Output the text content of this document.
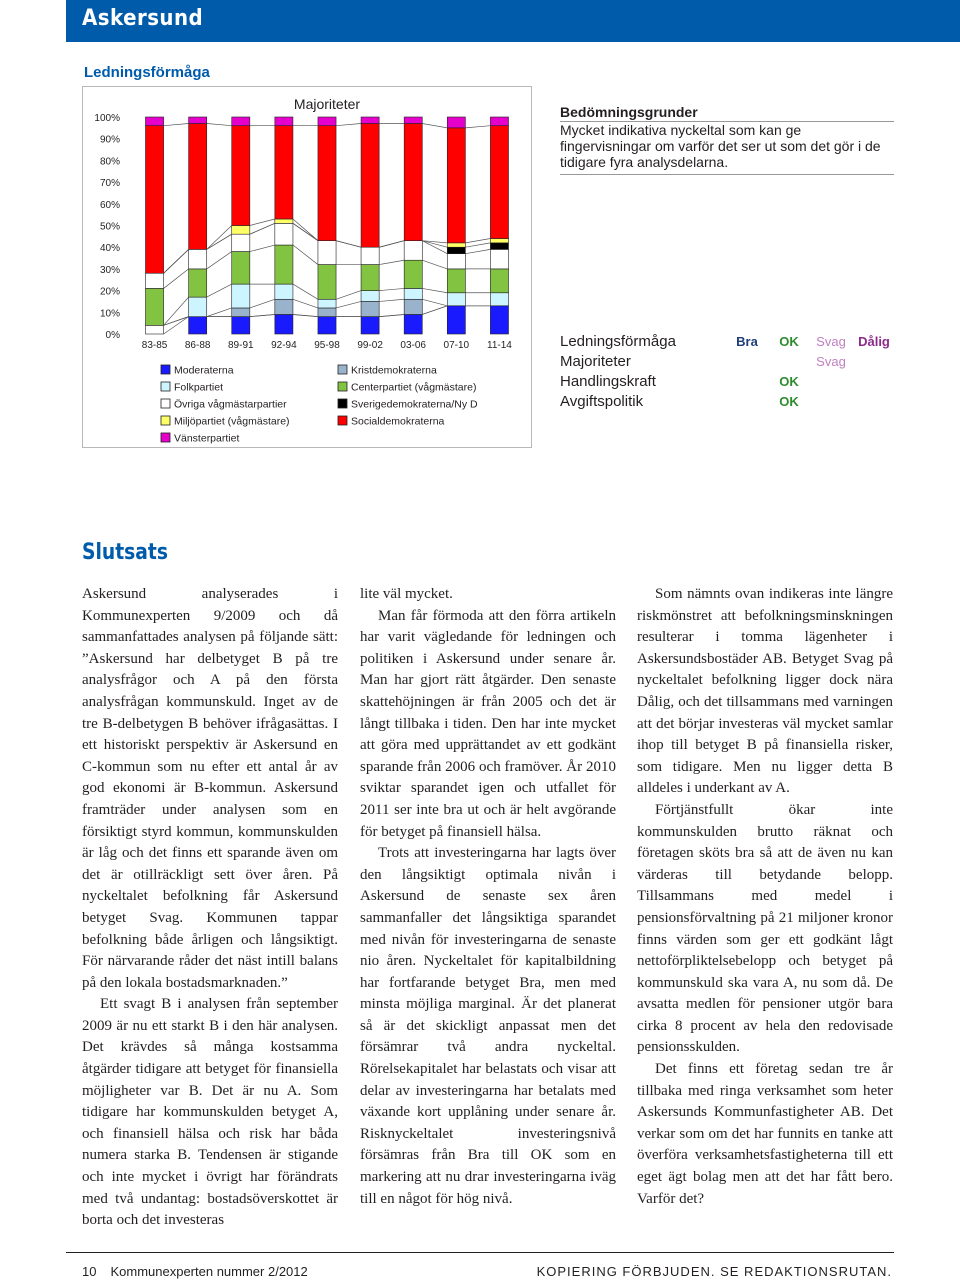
Askersund
Ledningsförmåga
Majoriteter
0%
10%
20%
30%
40%
50%
60%
70%
80%
90%
100%
83-85 86-88 89-91 92-94 95-98 99-02 03-06 07-10 11-14
Moderaterna
Folkpartiet
Övriga vågmästarpartier
Miljöpartiet (vågmästare)
Vänsterpartiet
Kristdemokraterna
Centerpartiet (vågmästare)
Sverigedemokraterna/Ny D
Socialdemokraterna
Bedömningsgrunder
Mycket indikativa nyckeltal som kan ge fingervisningar om varför det ser ut som det gör i de tidigare fyra analysdelarna.
Ledningsförmåga	Bra	OK	Svag	Dålig
Majoriteter			Svag	
Handlingskraft		OK		
Avgiftspolitik		OK		
Slutsats

Askersund analyserades i Kommunexperten 9/2009 och då sammanfattades analysen på följande sätt: ”Askersund har delbetyget B på tre analysfrågor och A på den första analysfrågan kommunskuld. Inget av de tre B-delbetygen B behöver ifrågasättas. I ett historiskt perspektiv är Askersund en C-kommun som nu efter ett antal år av god ekonomi är B-kommun. Askersund framträder under analysen som en försiktigt styrd kommun, kommunskulden är låg och det finns ett sparande även om det är otillräckligt sett över åren. På nyckeltalet befolkning får Askersund betyget Svag. Kommunen tappar befolkning både årligen och långsiktigt. För närvarande råder det näst intill balans på den lokala bostadsmarknaden.”

Ett svagt B i analysen från september 2009 är nu ett starkt B i den här analysen. Det krävdes så många kostsamma åtgärder tidigare att betyget för finansiella möjligheter var B. Det är nu A. Som tidigare har kommunskulden betyget A, och finansiell hälsa och risk har båda numera starka B. Tendensen är stigande och inte mycket i övrigt har förändrats med två undantag: bostadsöverskottet är borta och det investeras

lite väl mycket.

Man får förmoda att den förra artikeln har varit vägledande för ledningen och politiken i Askersund under senare år. Man har gjort rätt åtgärder. Den senaste skattehöjningen är från 2005 och det är långt tillbaka i tiden. Den har inte mycket att göra med upprättandet av ett godkänt sparande från 2006 och framöver. År 2010 sviktar sparandet igen och utfallet för 2011 ser inte bra ut och är helt avgörande för betyget på finansiell hälsa.

Trots att investeringarna har lagts över den långsiktigt optimala nivån i Askersund de senaste sex åren sammanfaller det långsiktiga sparandet med nivån för investeringarna de senaste nio åren. Nyckeltalet för kapitalbildning har fortfarande betyget Bra, men med minsta möjliga marginal. Är det planerat så är det skickligt anpassat men det försämrar två andra nyckeltal. Rörelsekapitalet har belastats och visar att delar av investeringarna har betalats med växande kort upplåning under senare år. Risknyckeltalet investeringsnivå försämras från Bra till OK som en markering att nu drar investeringarna iväg till en något för hög nivå.

Som nämnts ovan indikeras inte längre riskmönstret att befolkningsminskningen resulterar i tomma lägenheter i Askersundsbostäder AB. Betyget Svag på nyckeltalet befolkning ligger dock nära Dålig, och det tillsammans med varningen att det börjar investeras väl mycket samlar ihop till betyget B på finansiella risker, som tidigare. Men nu ligger detta B alldeles i underkant av A.

Förtjänstfullt ökar inte kommunskulden brutto räknat och företagen sköts bra så att de även nu kan värderas till betydande belopp. Tillsammans med medel i pensionsförvaltning på 21 miljoner kronor finns värden som ger ett godkänt lågt nettoförpliktelsebelopp och betyget på kommunskuld ska vara A, nu som då. De avsatta medlen för pensioner utgör bara cirka 8 procent av hela den redovisade pensionsskulden.

Det finns ett företag sedan tre år tillbaka med ringa verksamhet som heter Askersunds Kommunfastigheter AB. Det verkar som om det har funnits en tanke att överföra verksamhetsfastigheterna till ett eget ägt bolag men att det har fått bero. Varför det?

10 Kommunexperten nummer 2/2012	KOPIERING FÖRBJUDEN. SE REDAKTIONSRUTAN.
